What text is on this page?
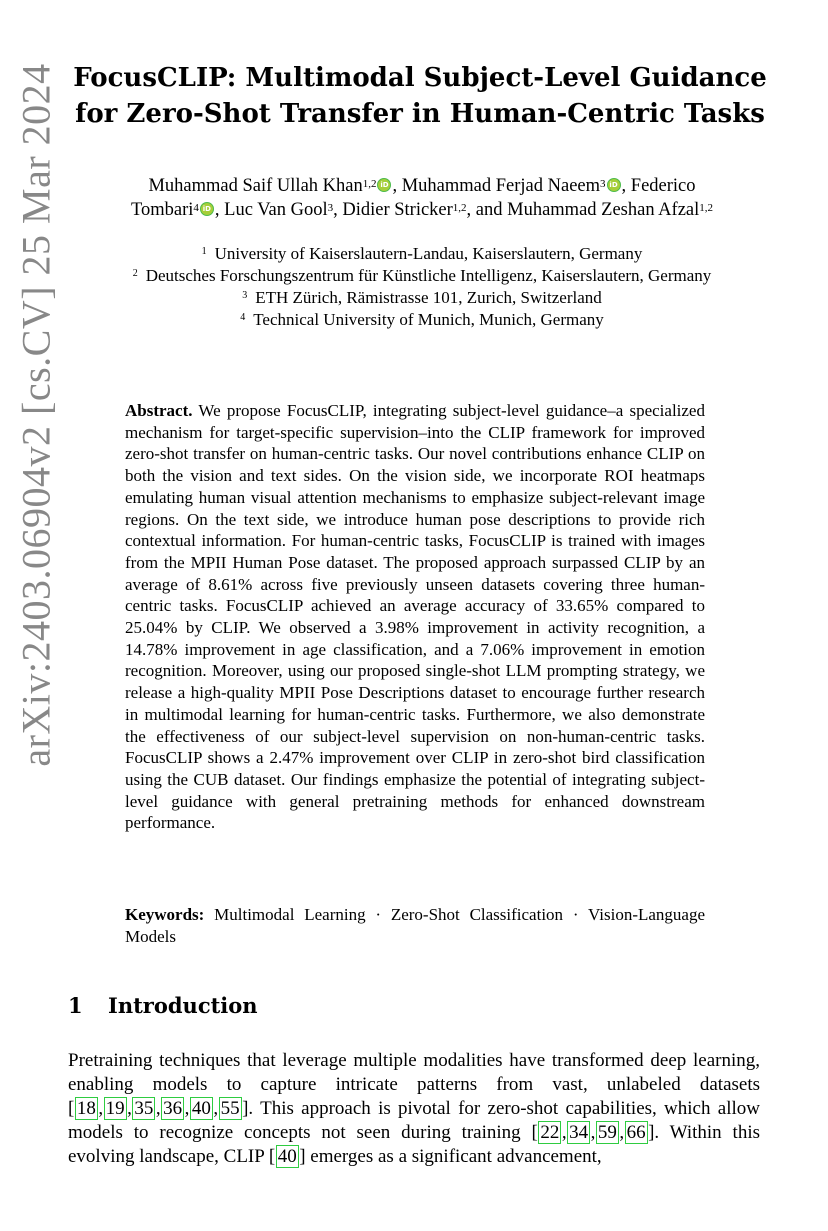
arXiv:2403.06904v2 [cs.CV] 25 Mar 2024 FocusCLIP: Multimodal Subject-Level Guidance
for Zero-Shot Transfer in Human-Centric Tasks
Muhammad Saif Ullah Khan$^{1,2}$ iD , Muhammad Ferjad Naeem$^3$ iD , Federico
Tombari$^4$ iD , Luc Van Gool$^3$, Didier Stricker$^{1,2}$, and Muhammad Zeshan Afzal$^{1,2}$
$^1$ University of Kaiserslautern-Landau, Kaiserslautern, Germany
$^2$ Deutsches Forschungszentrum für Künstliche Intelligenz, Kaiserslautern, Germany
$^3$ ETH Zürich, Rämistrasse 101, Zurich, Switzerland
$^4$ Technical University of Munich, Munich, Germany
Abstract. We propose FocusCLIP, integrating subject-level guidance–a specialized mechanism for target-specific supervision–into the CLIP framework for improved zero-shot transfer on human-centric tasks. Our novel contributions enhance CLIP on both the vision and text sides. On the vision side, we incorporate ROI heatmaps emulating human visual attention mechanisms to emphasize subject-relevant image regions. On the text side, we introduce human pose descriptions to provide rich contextual information. For human-centric tasks, FocusCLIP is trained with images from the MPII Human Pose dataset. The proposed approach surpassed CLIP by an average of 8.61% across five previously unseen datasets covering three human-centric tasks. FocusCLIP achieved an average accuracy of 33.65% compared to 25.04% by CLIP. We observed a 3.98% improvement in activity recognition, a 14.78% improvement in age classification, and a 7.06% improvement in emotion recognition. Moreover, using our proposed single-shot LLM prompting strategy, we release a high-quality MPII Pose Descriptions dataset to encourage further research in multimodal learning for human-centric tasks. Furthermore, we also demonstrate the effectiveness of our subject-level supervision on non-human-centric tasks. FocusCLIP shows a 2.47% improvement over CLIP in zero-shot bird classification using the CUB dataset. Our findings emphasize the potential of integrating subject-level guidance with general pretraining methods for enhanced downstream performance.
Keywords: Multimodal Learning · Zero-Shot Classification · Vision-Language Models
1 Introduction

Pretraining techniques that leverage multiple modalities have transformed deep learning, enabling models to capture intricate patterns from vast, unlabeled datasets [ 18 , 19 , 35 , 36 , 40 , 55 ]. This approach is pivotal for zero-shot capabilities, which allow models to recognize concepts not seen during training [ 22 , 34 , 59 , 66 ]. Within this evolving landscape, CLIP [ 40 ] emerges as a significant advancement,
